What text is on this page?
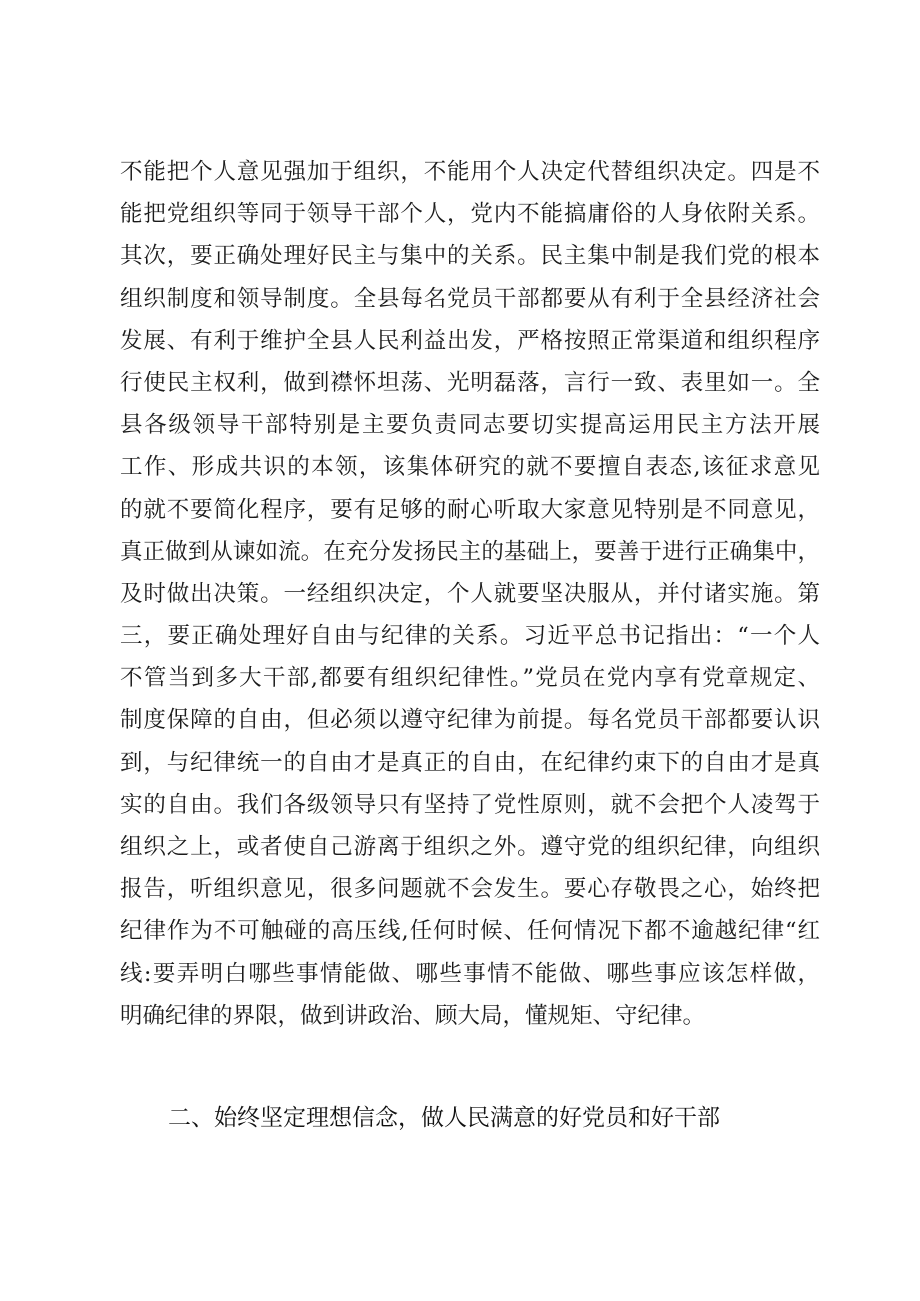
不能把个人意见强加于组织，不能用个人决定代替组织决定。四是不
能把党组织等同于领导干部个人，党内不能搞庸俗的人身依附关系。
其次，要正确处理好民主与集中的关系。民主集中制是我们党的根本
组织制度和领导制度。全县每名党员干部都要从有利于全县经济社会
发展、有利于维护全县人民利益出发，严格按照正常渠道和组织程序
行使民主权利，做到襟怀坦荡、光明磊落，言行一致、表里如一。全
县各级领导干部特别是主要负责同志要切实提高运用民主方法开展
工作、形成共识的本领，该集体研究的就不要擅自表态,该征求意见
的就不要简化程序，要有足够的耐心听取大家意见特别是不同意见，
真正做到从谏如流。在充分发扬民主的基础上，要善于进行正确集中，
及时做出决策。一经组织决定，个人就要坚决服从，并付诸实施。第
三，要正确处理好自由与纪律的关系。习近平总书记指出：“一个人
不管当到多大干部,都要有组织纪律性。”党员在党内享有党章规定、
制度保障的自由，但必须以遵守纪律为前提。每名党员干部都要认识
到，与纪律统一的自由才是真正的自由，在纪律约束下的自由才是真
实的自由。我们各级领导只有坚持了党性原则，就不会把个人凌驾于
组织之上，或者使自己游离于组织之外。遵守党的组织纪律，向组织
报告，听组织意见，很多问题就不会发生。要心存敬畏之心，始终把
纪律作为不可触碰的高压线,任何时候、任何情况下都不逾越纪律“红
线:要弄明白哪些事情能做、哪些事情不能做、哪些事应该怎样做，
明确纪律的界限，做到讲政治、顾大局，懂规矩、守纪律。
二、始终坚定理想信念，做人民满意的好党员和好干部
